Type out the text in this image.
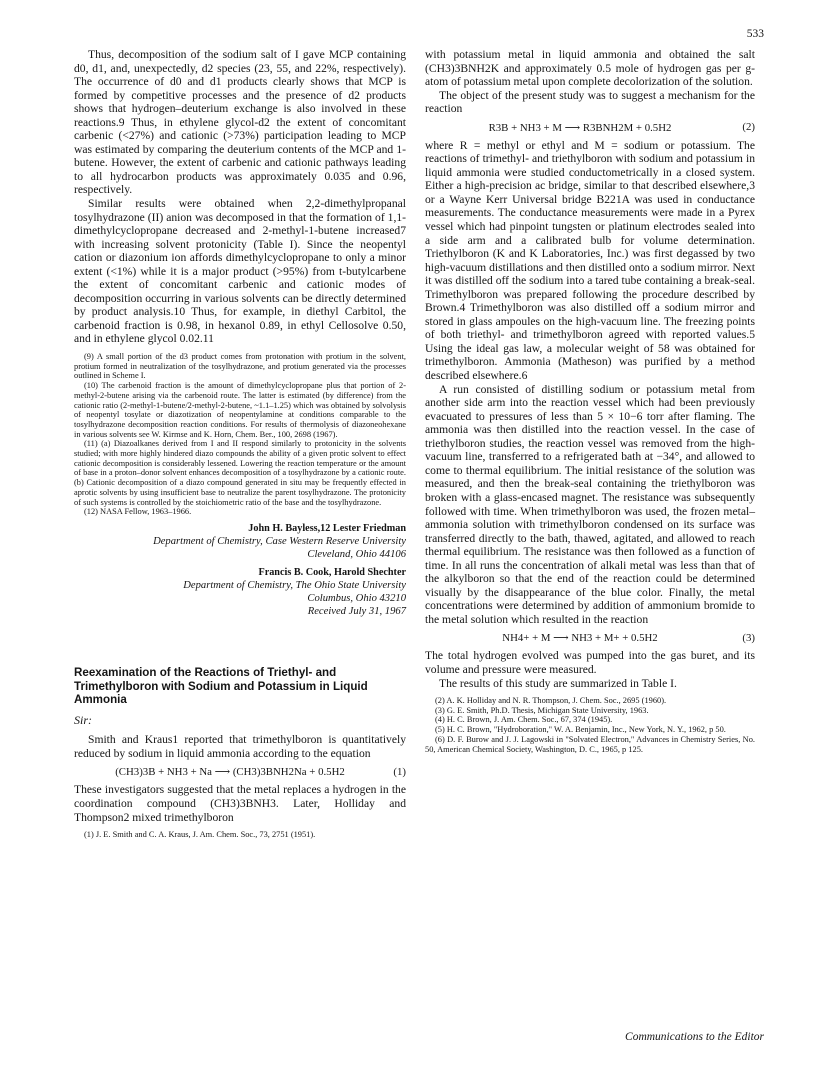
533

Thus, decomposition of the sodium salt of I gave MCP containing d0, d1, and, unexpectedly, d2 species (23, 55, and 22%, respectively). The occurrence of d0 and d1 products clearly shows that MCP is formed by competitive processes and the presence of d2 products shows that hydrogen–deuterium exchange is also involved in these reactions.9 Thus, in ethylene glycol-d2 the extent of concomitant carbenic (<27%) and cationic (>73%) participation leading to MCP was estimated by comparing the deuterium contents of the MCP and 1-butene. However, the extent of carbenic and cationic pathways leading to all hydrocarbon products was approximately 0.035 and 0.96, respectively.

Similar results were obtained when 2,2-dimethylpropanal tosylhydrazone (II) anion was decomposed in that the formation of 1,1-dimethylcyclopropane decreased and 2-methyl-1-butene increased7 with increasing solvent protonicity (Table I). Since the neopentyl cation or diazonium ion affords dimethylcyclopropane to only a minor extent (<1%) while it is a major product (>95%) from t-butylcarbene the extent of concomitant carbenic and cationic modes of decomposition occurring in various solvents can be directly determined by product analysis.10 Thus, for example, in diethyl Carbitol, the carbenoid fraction is 0.98, in hexanol 0.89, in ethyl Cellosolve 0.50, and in ethylene glycol 0.02.11

(9) A small portion of the d3 product comes from protonation with protium in the solvent, protium formed in neutralization of the tosylhydrazone, and protium generated via the processes outlined in Scheme I.

(10) The carbenoid fraction is the amount of dimethylcyclopropane plus that portion of 2-methyl-2-butene arising via the carbenoid route. The latter is estimated (by difference) from the cationic ratio (2-methyl-1-butene/2-methyl-2-butene, ~1.1–1.25) which was obtained by solvolysis of neopentyl tosylate or diazotization of neopentylamine at conditions comparable to the tosylhydrazone decomposition reaction conditions. For results of thermolysis of diazoneohexane in various solvents see W. Kirmse and K. Horn, Chem. Ber., 100, 2698 (1967).

(11) (a) Diazoalkanes derived from I and II respond similarly to protonicity in the solvents studied; with more highly hindered diazo compounds the ability of a given protic solvent to effect cationic decomposition is considerably lessened. Lowering the reaction temperature or the amount of base in a proton–donor solvent enhances decomposition of a tosylhydrazone by a cationic route. (b) Cationic decomposition of a diazo compound generated in situ may be frequently effected in aprotic solvents by using insufficient base to neutralize the parent tosylhydrazone. The protonicity of such systems is controlled by the stoichiometric ratio of the base and the tosylhydrazone.

(12) NASA Fellow, 1963–1966.

John H. Bayless,12 Lester Friedman
Department of Chemistry, Case Western Reserve University
Cleveland, Ohio 44106
Francis B. Cook, Harold Shechter
Department of Chemistry, The Ohio State University
Columbus, Ohio 43210
Received July 31, 1967
Reexamination of the Reactions of Triethyl- and Trimethylboron with Sodium and Potassium in Liquid Ammonia

Sir:

Smith and Kraus1 reported that trimethylboron is quantitatively reduced by sodium in liquid ammonia according to the equation

(CH3)3B + NH3 + Na ⟶ (CH3)3BNH2Na + 0.5H2	(1)

These investigators suggested that the metal replaces a hydrogen in the coordination compound (CH3)3BNH3. Later, Holliday and Thompson2 mixed trimethylboron

(1) J. E. Smith and C. A. Kraus, J. Am. Chem. Soc., 73, 2751 (1951).

with potassium metal in liquid ammonia and obtained the salt (CH3)3BNH2K and approximately 0.5 mole of hydrogen gas per g-atom of potassium metal upon complete decolorization of the solution.

The object of the present study was to suggest a mechanism for the reaction

R3B + NH3 + M ⟶ R3BNH2M + 0.5H2	(2)

where R = methyl or ethyl and M = sodium or potassium. The reactions of trimethyl- and triethylboron with sodium and potassium in liquid ammonia were studied conductometrically in a closed system. Either a high-precision ac bridge, similar to that described elsewhere,3 or a Wayne Kerr Universal bridge B221A was used in conductance measurements. The conductance measurements were made in a Pyrex vessel which had pinpoint tungsten or platinum electrodes sealed into a side arm and a calibrated bulb for volume determination. Triethylboron (K and K Laboratories, Inc.) was first degassed by two high-vacuum distillations and then distilled onto a sodium mirror. Next it was distilled off the sodium into a tared tube containing a break-seal. Trimethylboron was prepared following the procedure described by Brown.4 Trimethylboron was also distilled off a sodium mirror and stored in glass ampoules on the high-vacuum line. The freezing points of both triethyl- and trimethylboron agreed with reported values.5 Using the ideal gas law, a molecular weight of 58 was obtained for trimethylboron. Ammonia (Matheson) was purified by a method described elsewhere.6

A run consisted of distilling sodium or potassium metal from another side arm into the reaction vessel which had been previously evacuated to pressures of less than 5 × 10−6 torr after flaming. The ammonia was then distilled into the reaction vessel. In the case of triethylboron studies, the reaction vessel was removed from the high-vacuum line, transferred to a refrigerated bath at −34°, and allowed to come to thermal equilibrium. The initial resistance of the solution was measured, and then the break-seal containing the triethylboron was broken with a glass-encased magnet. The resistance was subsequently followed with time. When trimethylboron was used, the frozen metal–ammonia solution with trimethylboron condensed on its surface was transferred directly to the bath, thawed, agitated, and allowed to reach thermal equilibrium. The resistance was then followed as a function of time. In all runs the concentration of alkali metal was less than that of the alkylboron so that the end of the reaction could be determined visually by the disappearance of the blue color. Finally, the metal concentrations were determined by addition of ammonium bromide to the metal solution which resulted in the reaction

NH4+ + M ⟶ NH3 + M+ + 0.5H2	(3)

The total hydrogen evolved was pumped into the gas buret, and its volume and pressure were measured.

The results of this study are summarized in Table I.

(2) A. K. Holliday and N. R. Thompson, J. Chem. Soc., 2695 (1960).

(3) G. E. Smith, Ph.D. Thesis, Michigan State University, 1963.

(4) H. C. Brown, J. Am. Chem. Soc., 67, 374 (1945).

(5) H. C. Brown, "Hydroboration," W. A. Benjamin, Inc., New York, N. Y., 1962, p 50.

(6) D. F. Burow and J. J. Lagowski in "Solvated Electron," Advances in Chemistry Series, No. 50, American Chemical Society, Washington, D. C., 1965, p 125.

Communications to the Editor
